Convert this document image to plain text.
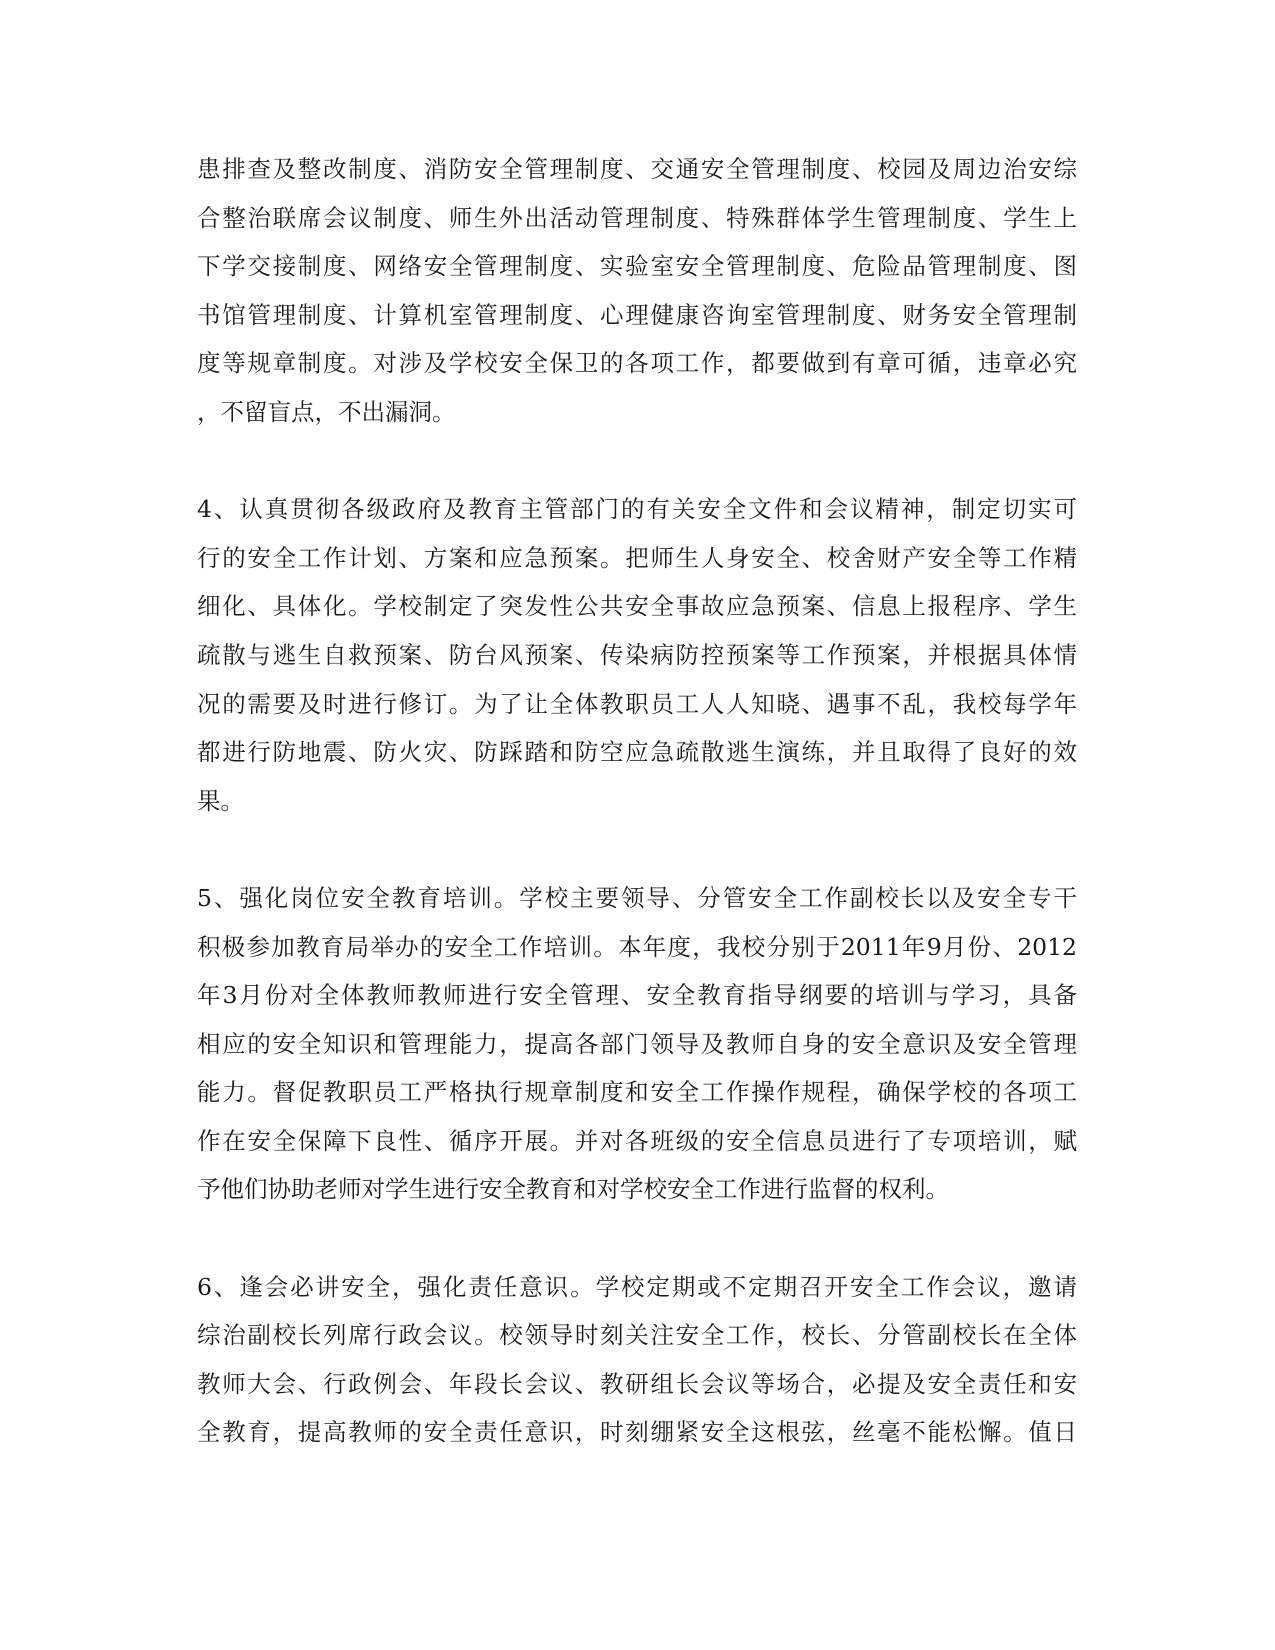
患排查及整改制度、消防安全管理制度、交通安全管理制度、校园及周边治安综
合整治联席会议制度、师生外出活动管理制度、特殊群体学生管理制度、学生上
下学交接制度、网络安全管理制度、实验室安全管理制度、危险品管理制度、图
书馆管理制度、计算机室管理制度、心理健康咨询室管理制度、财务安全管理制
度等规章制度。对涉及学校安全保卫的各项工作，都要做到有章可循，违章必究
，不留盲点，不出漏洞。
4、认真贯彻各级政府及教育主管部门的有关安全文件和会议精神，制定切实可
行的安全工作计划、方案和应急预案。把师生人身安全、校舍财产安全等工作精
细化、具体化。学校制定了突发性公共安全事故应急预案、信息上报程序、学生
疏散与逃生自救预案、防台风预案、传染病防控预案等工作预案，并根据具体情
况的需要及时进行修订。为了让全体教职员工人人知晓、遇事不乱，我校每学年
都进行防地震、防火灾、防踩踏和防空应急疏散逃生演练，并且取得了良好的效
果。
5、强化岗位安全教育培训。学校主要领导、分管安全工作副校长以及安全专干
积极参加教育局举办的安全工作培训。本年度，我校分别于2011年9月份、2012
年3月份对全体教师教师进行安全管理、安全教育指导纲要的培训与学习，具备
相应的安全知识和管理能力，提高各部门领导及教师自身的安全意识及安全管理
能力。督促教职员工严格执行规章制度和安全工作操作规程，确保学校的各项工
作在安全保障下良性、循序开展。并对各班级的安全信息员进行了专项培训，赋
予他们协助老师对学生进行安全教育和对学校安全工作进行监督的权利。
6、逢会必讲安全，强化责任意识。学校定期或不定期召开安全工作会议，邀请
综治副校长列席行政会议。校领导时刻关注安全工作，校长、分管副校长在全体
教师大会、行政例会、年段长会议、教研组长会议等场合，必提及安全责任和安
全教育，提高教师的安全责任意识，时刻绷紧安全这根弦，丝毫不能松懈。值日
